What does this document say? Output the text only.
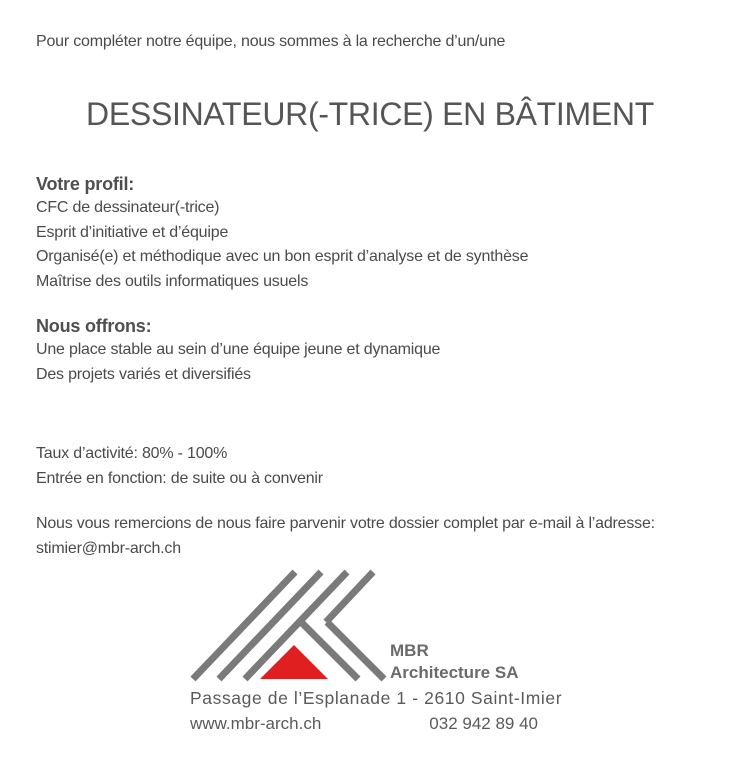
Pour compléter notre équipe, nous sommes à la recherche d’un/une
DESSINATEUR(-TRICE) EN BÂTIMENT
Votre profil:
CFC de dessinateur(-trice)
Esprit d’initiative et d’équipe
Organisé(e) et méthodique avec un bon esprit d’analyse et de synthèse
Maîtrise des outils informatiques usuels
Nous offrons:
Une place stable au sein d’une équipe jeune et dynamique
Des projets variés et diversifiés
Taux d’activité: 80% - 100%
Entrée en fonction: de suite ou à convenir
Nous vous remercions de nous faire parvenir votre dossier complet par e-mail à l’adresse:
stimier@mbr-arch.ch
MBR
Architecture SA
Passage de l’Esplanade 1 - 2610 Saint-Imier
www.mbr-arch.ch	032 942 89 40
